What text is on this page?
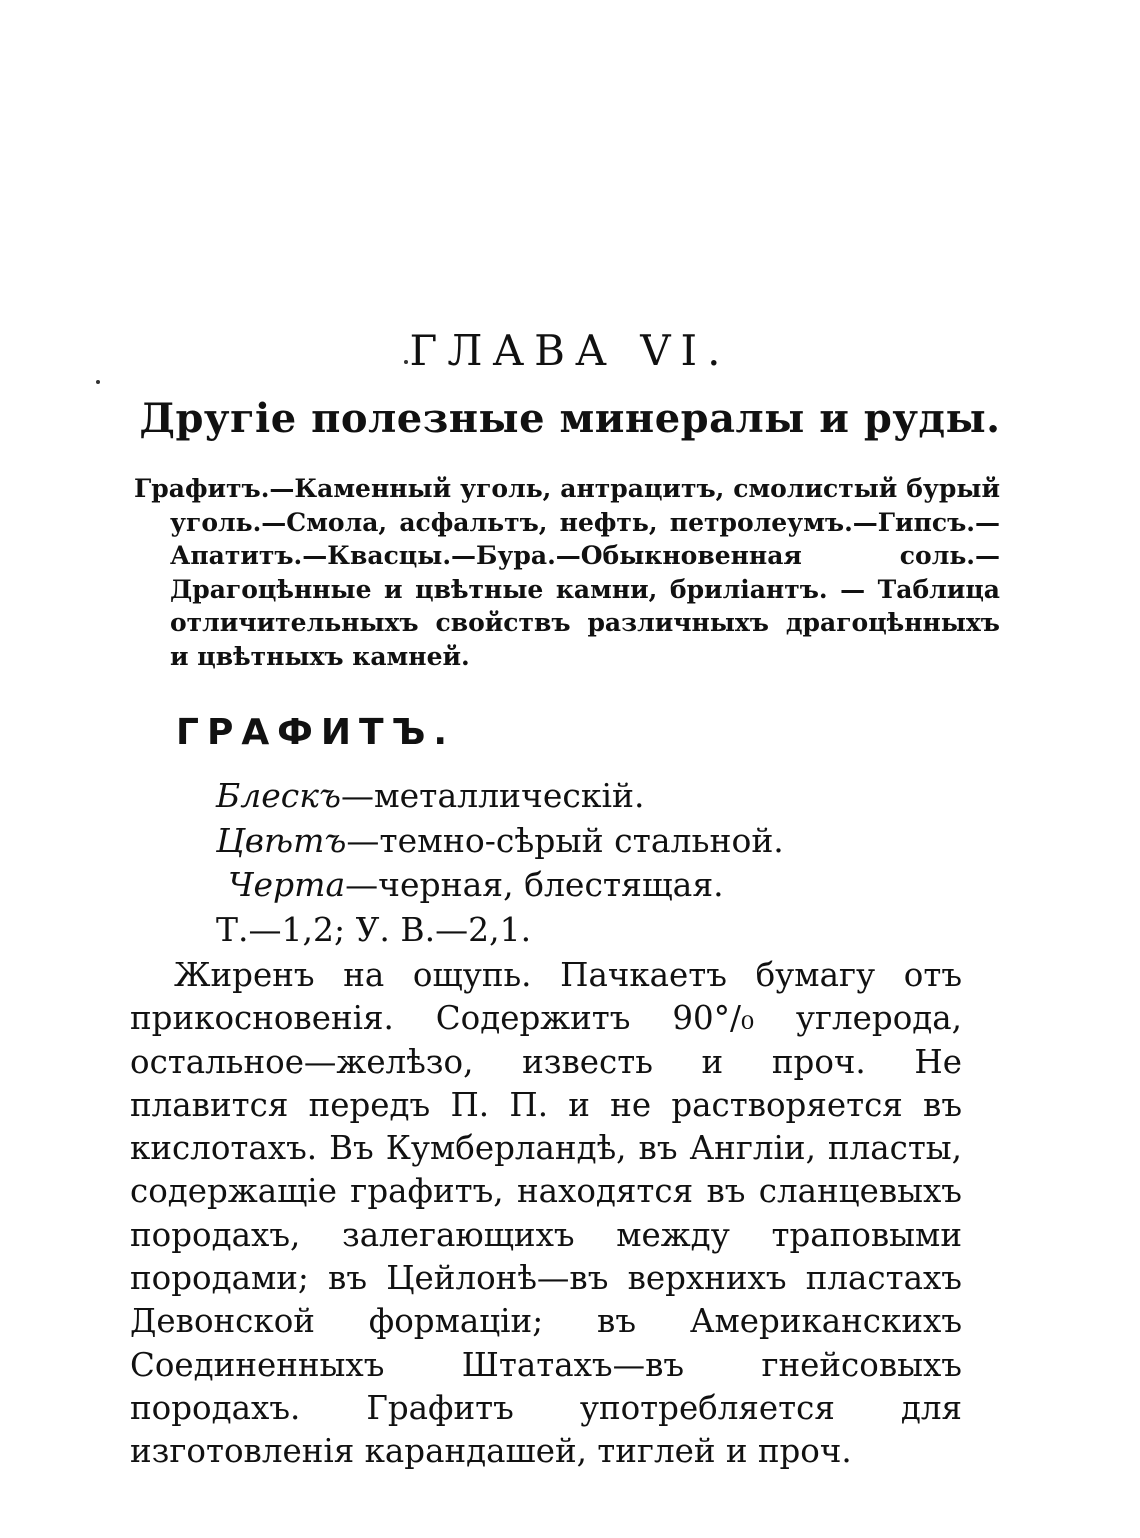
ГЛАВА VI.
Другіе полезные минералы и руды.
Графитъ.—Каменный уголь, антрацитъ, смолистый бурый уголь.—Смола, асфальтъ, нефть, петролеумъ.—Гипсъ.—Апатитъ.—Квасцы.—Бура.—Обыкновенная соль.—Драгоцѣнные и цвѣтные камни, бриліантъ. — Таблица отличительныхъ свойствъ различныхъ драгоцѣнныхъ и цвѣтныхъ камней.
ГРАФИТЪ.
Блескъ—металлическій.
Цвѣтъ—темно-сѣрый стальной.
Черта—черная, блестящая.
Т.—1,2; У. В.—2,1.
Жиренъ на ощупь. Пачкаетъ бумагу отъ прикосновенія. Содержитъ 90°/₀ углерода, остальное—желѣзо, известь и проч. Не плавится передъ П. П. и не растворяется въ кислотахъ. Въ Кумберландѣ, въ Англіи, пласты, содержащіе графитъ, находятся въ сланцевыхъ породахъ, залегающихъ между траповыми породами; въ Цейлонѣ—въ верхнихъ пластахъ Девонской формаціи; въ Американскихъ Соединенныхъ Штатахъ—въ гнейсовыхъ породахъ. Графитъ употребляется для изготовленія карандашей, тиглей и проч.
